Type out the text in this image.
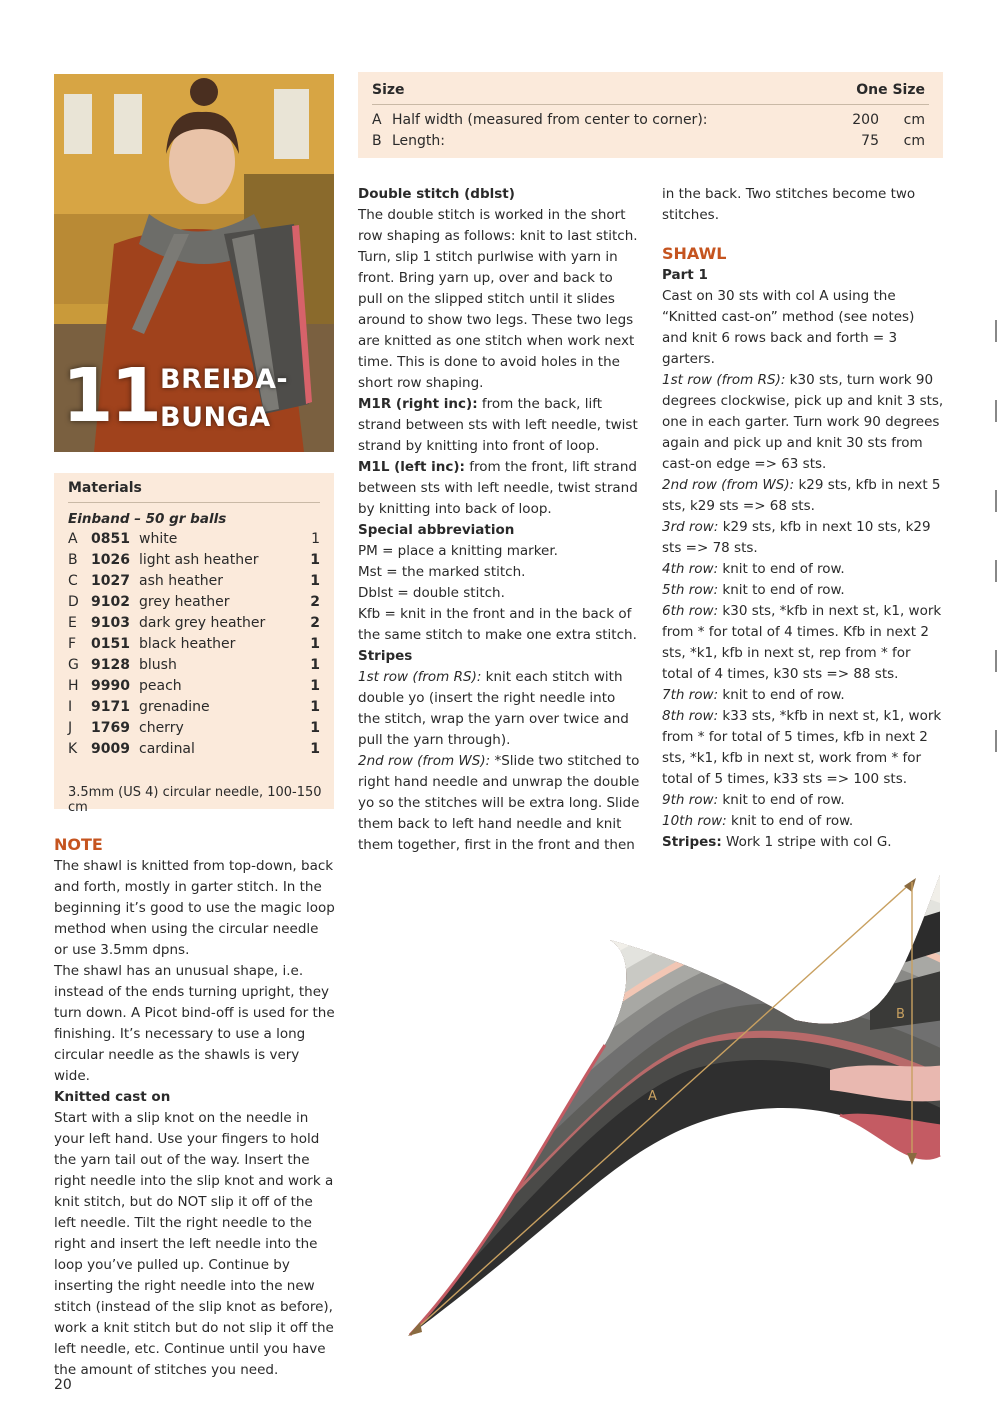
11 BREIÐA-
BUNGA
Materials
Einband – 50 gr balls
A 0851 white	1
B 1026 light ash heather	1
C 1027 ash heather	1
D 9102 grey heather	2
E 9103 dark grey heather	2
F 0151 black heather	1
G 9128 blush	1
H 9990 peach	1
I 9171 grenadine	1
J 1769 cherry	1
K 9009 cardinal	1
3.5mm (US 4) circular needle, 100-150 cm
Size	One Size
A Half width (measured from center to corner):	200 cm
B Length:	75 cm
NOTE

The shawl is knitted from top-down, back and forth, mostly in garter stitch. In the beginning it’s good to use the magic loop method when using the circular needle or use 3.5mm dpns.

The shawl has an unusual shape, i.e. instead of the ends turning upright, they turn down. A Picot bind-off is used for the finishing. It’s necessary to use a long circular needle as the shawls is very wide.

Knitted cast on

Start with a slip knot on the needle in your left hand. Use your fingers to hold the yarn tail out of the way. Insert the right needle into the slip knot and work a knit stitch, but do NOT slip it off of the left needle. Tilt the right needle to the right and insert the left needle into the loop you’ve pulled up. Continue by inserting the right needle into the new stitch (instead of the slip knot as before), work a knit stitch but do not slip it off the left needle, etc. Continue until you have the amount of stitches you need.

Double stitch (dblst)

The double stitch is worked in the short row shaping as follows: knit to last stitch. Turn, slip 1 stitch purlwise with yarn in front. Bring yarn up, over and back to pull on the slipped stitch until it slides around to show two legs. These two legs are knitted as one stitch when work next time. This is done to avoid holes in the short row shaping.

M1R (right inc): from the back, lift strand between sts with left needle, twist strand by knitting into front of loop.

M1L (left inc): from the front, lift strand between sts with left needle, twist strand by knitting into back of loop.

Special abbreviation

PM = place a knitting marker.

Mst = the marked stitch.

Dblst = double stitch.

Kfb = knit in the front and in the back of the same stitch to make one extra stitch.

Stripes

1st row (from RS): knit each stitch with double yo (insert the right needle into the stitch, wrap the yarn over twice and pull the yarn through).

2nd row (from WS): *Slide two stitched to right hand needle and unwrap the double yo so the stitches will be extra long. Slide them back to left hand needle and knit them together, first in the front and then

in the back. Two stitches become two stitches.

SHAWL

Part 1

Cast on 30 sts with col A using the “Knitted cast-on” method (see notes) and knit 6 rows back and forth = 3 garters.

1st row (from RS): k30 sts, turn work 90 degrees clockwise, pick up and knit 3 sts, one in each garter. Turn work 90 degrees again and pick up and knit 30 sts from cast-on edge => 63 sts.

2nd row (from WS): k29 sts, kfb in next 5 sts, k29 sts => 68 sts.

3rd row: k29 sts, kfb in next 10 sts, k29 sts => 78 sts.

4th row: knit to end of row.

5th row: knit to end of row.

6th row: k30 sts, *kfb in next st, k1, work from * for total of 4 times. Kfb in next 2 sts, *k1, kfb in next st, rep from * for total of 4 times, k30 sts => 88 sts.

7th row: knit to end of row.

8th row: k33 sts, *kfb in next st, k1, work from * for total of 5 times, kfb in next 2 sts, *k1, kfb in next st, work from * for total of 5 times, k33 sts => 100 sts.

9th row: knit to end of row.

10th row: knit to end of row.

Stripes: Work 1 stripe with col G.

A
B
20
